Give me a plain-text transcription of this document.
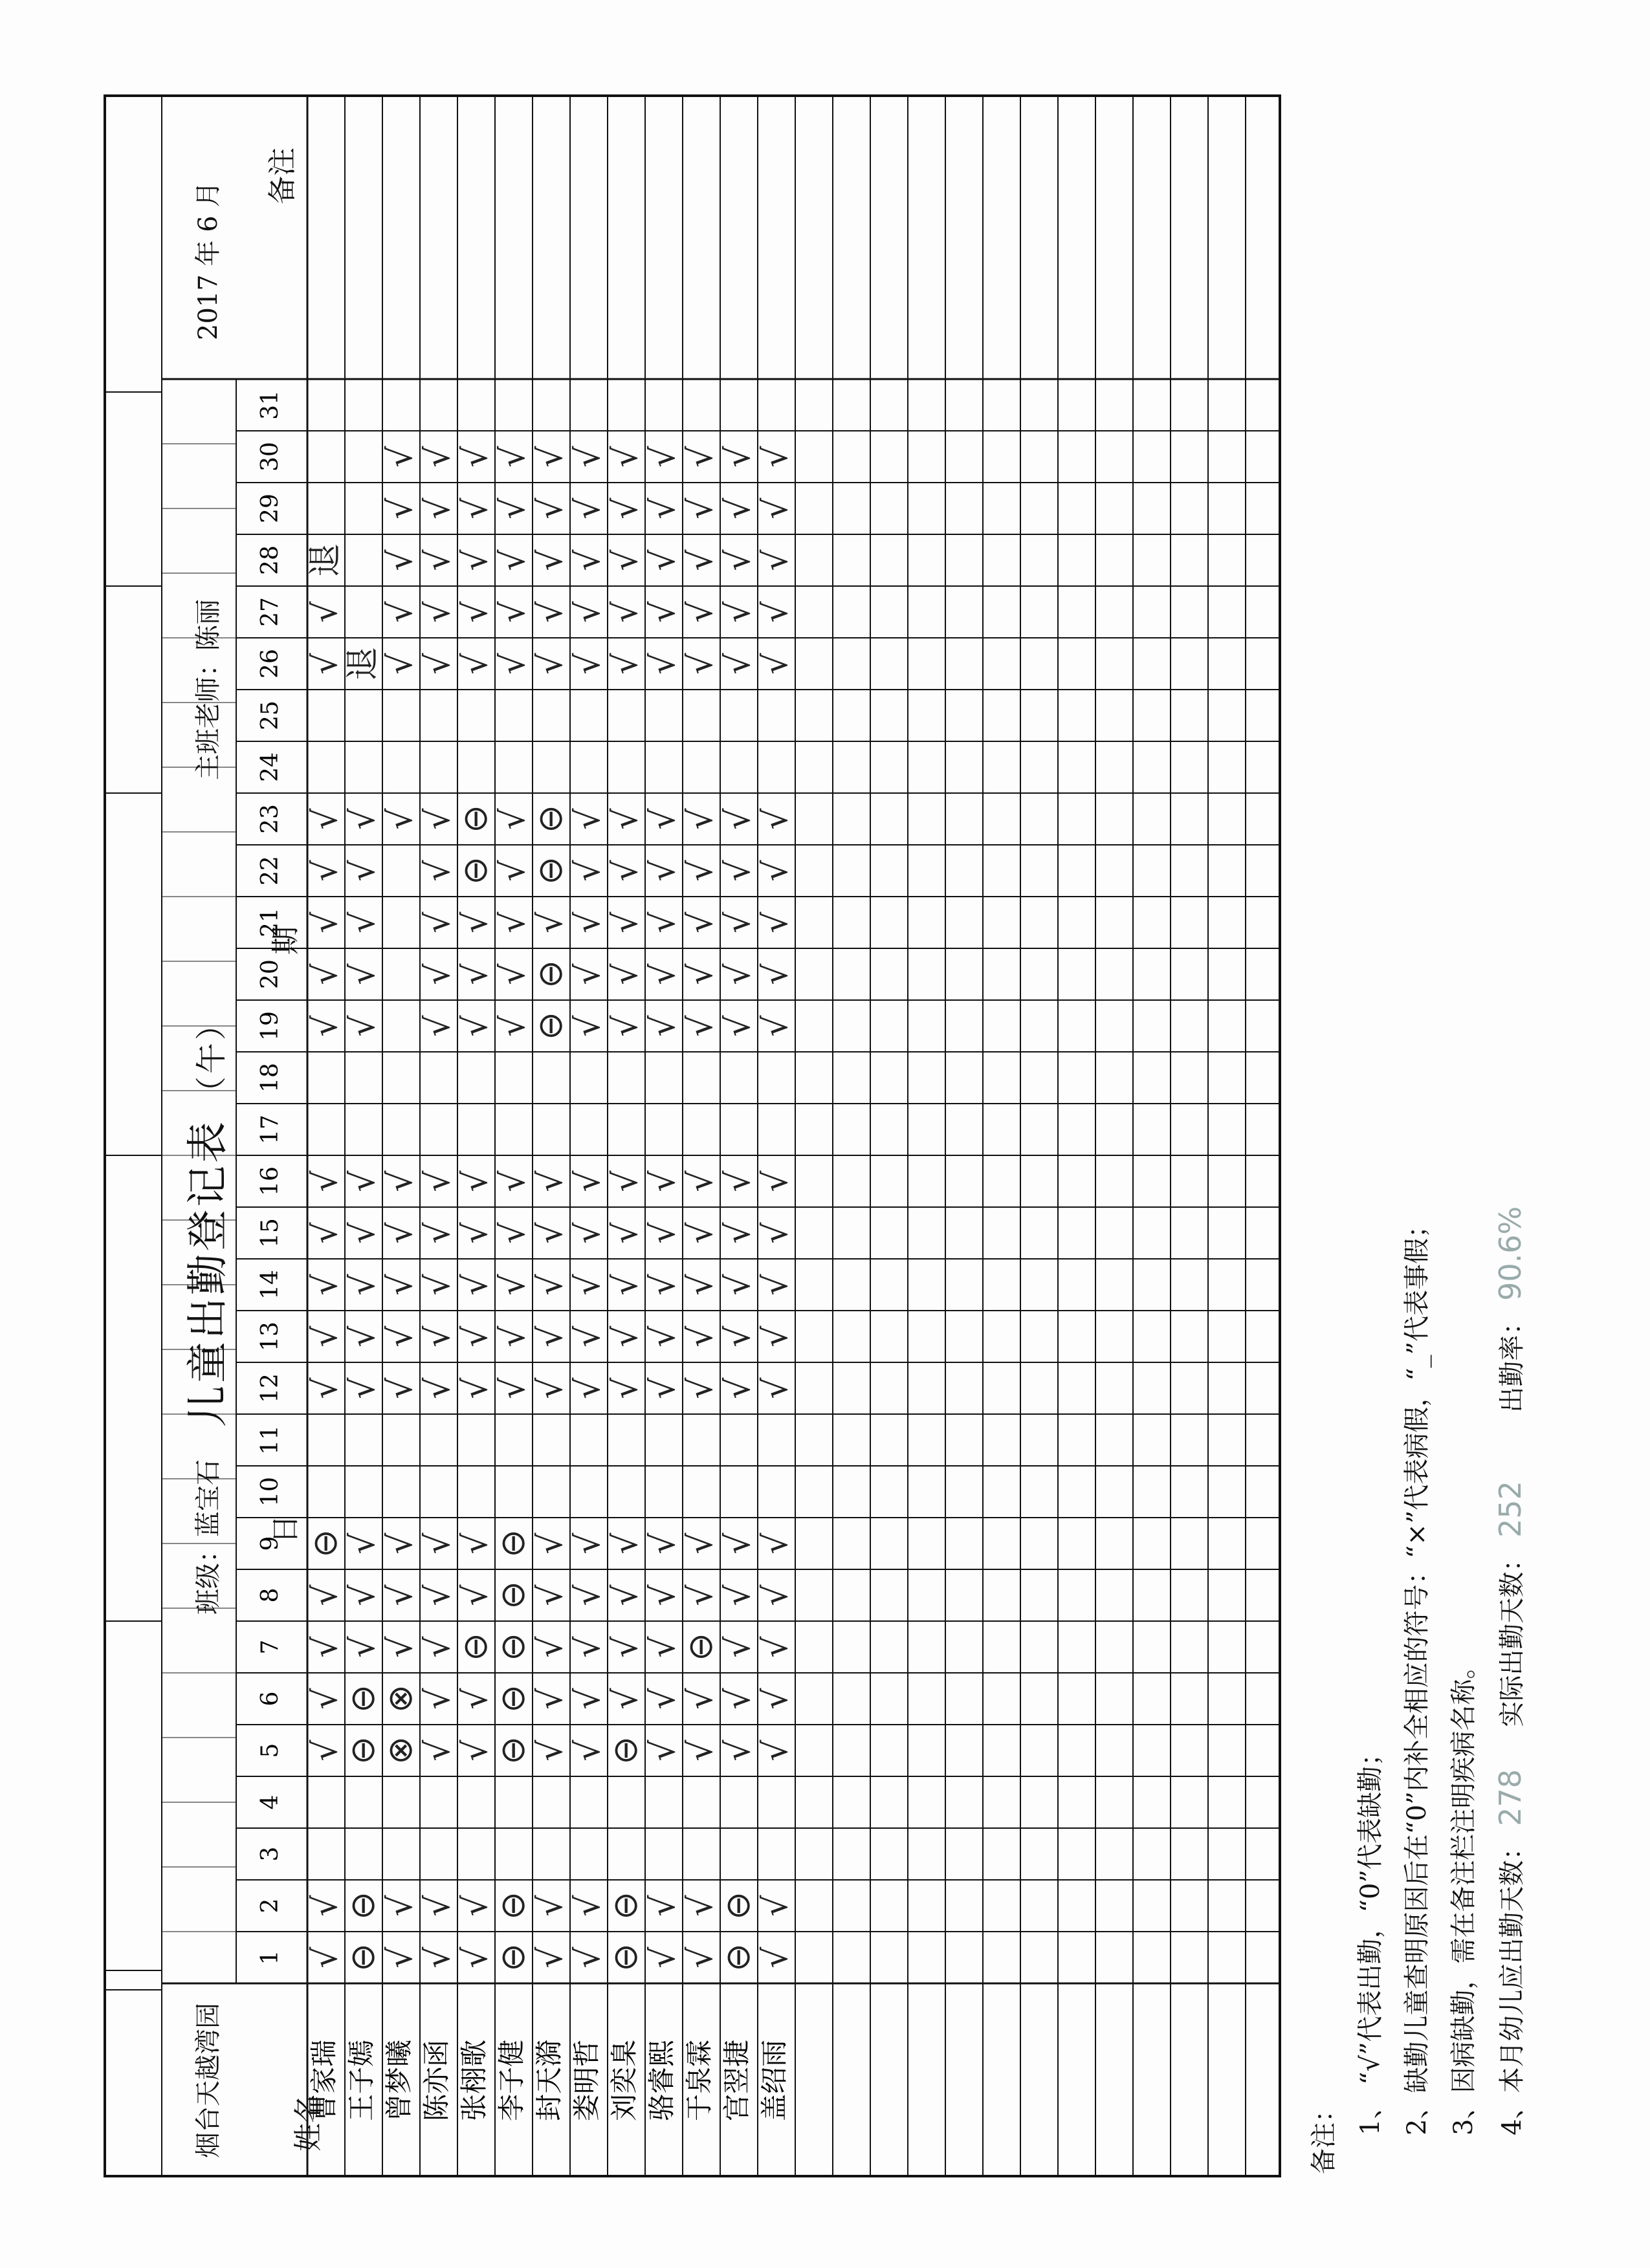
儿童出勤登记表（午）
1
2
3
4
5
6
7
8
9
10
11
12
13
14
15
16
17
18
19
20
21
22
23
24
25
26
27
28
29
30
31
曹家瑞
√
√
√
√
√
√
⊖
√
√
√
√
√
√
√
√
√
√
√
√
退
王子嫣
⊖
⊖
⊖
⊖
√
√
√
√
√
√
√
√
√
√
√
√
√
退
曾梦曦
√
√
⊗
⊗
√
√
√
√
√
√
√
√
√
√
√
√
√
√
陈亦函
√
√
√
√
√
√
√
√
√
√
√
√
√
√
√
√
√
√
√
√
√
√
张栩歌
√
√
√
√
⊖
√
√
√
√
√
√
√
√
√
√
⊖
⊖
√
√
√
√
√
李子健
⊖
⊖
⊖
⊖
⊖
⊖
⊖
√
√
√
√
√
√
√
√
√
√
√
√
√
√
√
封天漪
√
√
√
√
√
√
√
√
√
√
√
√
⊖
⊖
√
⊖
⊖
√
√
√
√
√
娄明哲
√
√
√
√
√
√
√
√
√
√
√
√
√
√
√
√
√
√
√
√
√
√
刘奕臬
⊖
⊖
⊖
√
√
√
√
√
√
√
√
√
√
√
√
√
√
√
√
√
√
√
骆睿熙
√
√
√
√
√
√
√
√
√
√
√
√
√
√
√
√
√
√
√
√
√
√
于泉霖
√
√
√
√
⊖
√
√
√
√
√
√
√
√
√
√
√
√
√
√
√
√
√
宫翌捷
⊖
⊖
√
√
√
√
√
√
√
√
√
√
√
√
√
√
√
√
√
√
√
√
盖绍雨
√
√
√
√
√
√
√
√
√
√
√
√
√
√
√
√
√
√
√
√
√
√
烟台天越湾园
班级：蓝宝石
主班老师：陈丽
2017 年 6 月
期
日
姓名
备注
备注： 1、 “√”代表出勤，“0”代表缺勤； 2、缺勤儿童查明原因后在“0”内补全相应的符号：“×”代表病假，“_”代表事假； 3、因病缺勤，需在备注栏注明疾病名称。 4、本月幼儿应出勤天数： 278  实际出勤天数： 252  出勤率： 90.6%
